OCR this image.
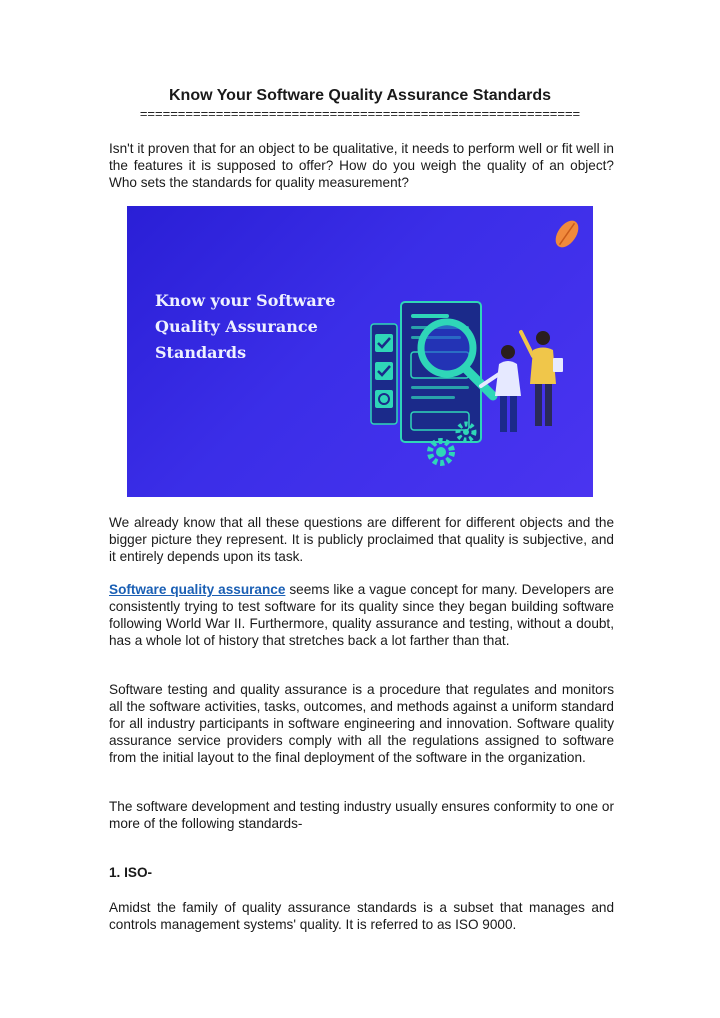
Know Your Software Quality Assurance Standards
==========================================================

Isn't it proven that for an object to be qualitative, it needs to perform well or fit well in the features it is supposed to offer? How do you weigh the quality of an object? Who sets the standards for quality measurement?

Know your Software
Quality Assurance
Standards

We already know that all these questions are different for different objects and the bigger picture they represent. It is publicly proclaimed that quality is subjective, and it entirely depends upon its task.

Software quality assurance seems like a vague concept for many. Developers are consistently trying to test software for its quality since they began building software following World War II. Furthermore, quality assurance and testing, without a doubt, has a whole lot of history that stretches back a lot farther than that.

Software testing and quality assurance is a procedure that regulates and monitors all the software activities, tasks, outcomes, and methods against a uniform standard for all industry participants in software engineering and innovation. Software quality assurance service providers comply with all the regulations assigned to software from the initial layout to the final deployment of the software in the organization.

The software development and testing industry usually ensures conformity to one or more of the following standards-

1. ISO-

Amidst the family of quality assurance standards is a subset that manages and controls management systems' quality. It is referred to as ISO 9000.
